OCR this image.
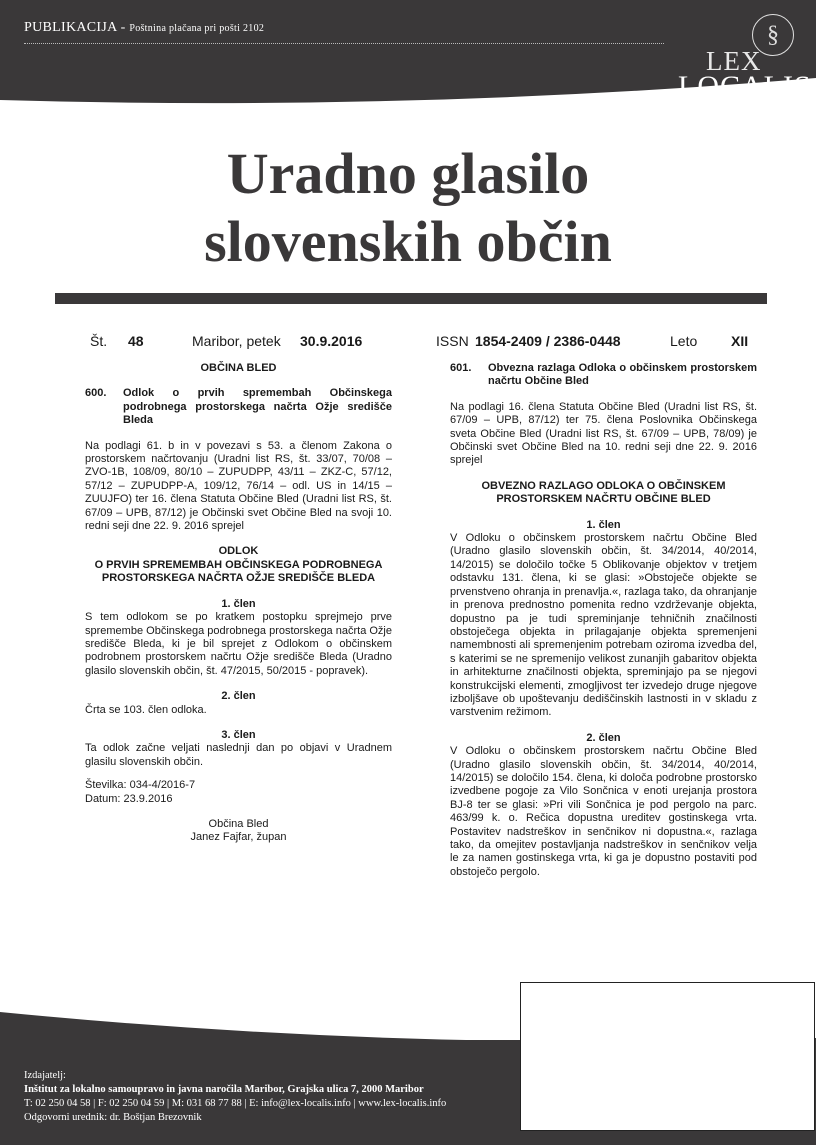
PUBLIKACIJA - Poštnina plačana pri pošti 2102	§
LEX
LOCALIS
Uradno glasilo
slovenskih občin
Št. 48	Maribor, petek 30.9.2016	ISSN 1854-2409 / 2386-0448	Leto XII
OBČINA BLED
600.	Odlok o prvih spremembah Občinskega podrobnega prostorskega načrta Ožje središče Bleda
Na podlagi 61. b in v povezavi s 53. a členom Zakona o prostorskem načrtovanju (Uradni list RS, št. 33/07, 70/08 – ZVO-1B, 108/09, 80/10 – ZUPUDPP, 43/11 – ZKZ-C, 57/12, 57/12 – ZUPUDPP-A, 109/12, 76/14 – odl. US in 14/15 – ZUUJFO) ter 16. člena Statuta Občine Bled (Uradni list RS, št. 67/09 – UPB, 87/12) je Občinski svet Občine Bled na svoji 10. redni seji dne 22. 9. 2016 sprejel
ODLOK
O PRVIH SPREMEMBAH OBČINSKEGA PODROBNEGA PROSTORSKEGA NAČRTA OŽJE SREDIŠČE BLEDA
1. člen
S tem odlokom se po kratkem postopku sprejmejo prve spremembe Občinskega podrobnega prostorskega načrta Ožje središče Bleda, ki je bil sprejet z Odlokom o občinskem podrobnem prostorskem načrtu Ožje središče Bleda (Uradno glasilo slovenskih občin, št. 47/2015, 50/2015 - popravek).
2. člen
Črta se 103. člen odloka.
3. člen
Ta odlok začne veljati naslednji dan po objavi v Uradnem glasilu slovenskih občin.
Številka: 034-4/2016-7
Datum: 23.9.2016
Občina Bled
Janez Fajfar, župan
601.	Obvezna razlaga Odloka o občinskem prostorskem načrtu Občine Bled
Na podlagi 16. člena Statuta Občine Bled (Uradni list RS, št. 67/09 – UPB, 87/12) ter 75. člena Poslovnika Občinskega sveta Občine Bled (Uradni list RS, št. 67/09 – UPB, 78/09) je Občinski svet Občine Bled na 10. redni seji dne 22. 9. 2016 sprejel
OBVEZNO RAZLAGO ODLOKA O OBČINSKEM PROSTORSKEM NAČRTU OBČINE BLED
1. člen
V Odloku o občinskem prostorskem načrtu Občine Bled (Uradno glasilo slovenskih občin, št. 34/2014, 40/2014, 14/2015) se določilo točke 5 Oblikovanje objektov v tretjem odstavku 131. člena, ki se glasi: »Obstoječe objekte se prvenstveno ohranja in prenavlja.«, razlaga tako, da ohranjanje in prenova prednostno pomenita redno vzdrževanje objekta, dopustno pa je tudi spreminjanje tehničnih značilnosti obstoječega objekta in prilagajanje objekta spremenjeni namembnosti ali spremenjenim potrebam oziroma izvedba del, s katerimi se ne spremenijo velikost zunanjih gabaritov objekta in arhitekturne značilnosti objekta, spreminjajo pa se njegovi konstrukcijski elementi, zmogljivost ter izvedejo druge njegove izboljšave ob upoštevanju dediščinskih lastnosti in v skladu z varstvenim režimom.
2. člen
V Odloku o občinskem prostorskem načrtu Občine Bled (Uradno glasilo slovenskih občin, št. 34/2014, 40/2014, 14/2015) se določilo 154. člena, ki določa podrobne prostorsko izvedbene pogoje za Vilo Sončnica v enoti urejanja prostora BJ-8 ter se glasi: »Pri vili Sončnica je pod pergolo na parc. 463/99 k. o. Rečica dopustna ureditev gostinskega vrta. Postavitev nadstreškov in senčnikov ni dopustna.«, razlaga tako, da omejitev postavljanja nadstreškov in senčnikov velja le za namen gostinskega vrta, ki ga je dopustno postaviti pod obstoječo pergolo.
Izdajatelj:
Inštitut za lokalno samoupravo in javna naročila Maribor, Grajska ulica 7, 2000 Maribor
T: 02 250 04 58 | F: 02 250 04 59 | M: 031 68 77 88 | E: info@lex-localis.info | www.lex-localis.info
Odgovorni urednik: dr. Boštjan Brezovnik
